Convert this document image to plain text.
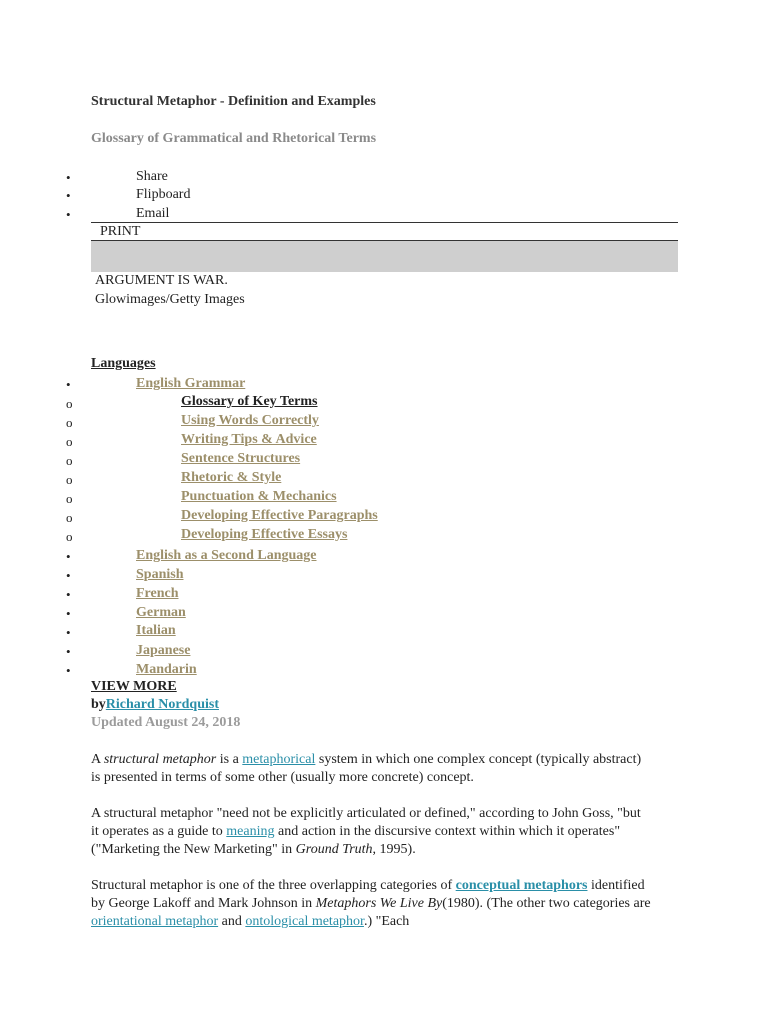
Structural Metaphor - Definition and Examples
Glossary of Grammatical and Rhetorical Terms
•	Share
•	Flipboard
•	Email
PRINT
ARGUMENT IS WAR.
Glowimages/Getty Images
Languages
•	English Grammar
o	Glossary of Key Terms
o	Using Words Correctly
o	Writing Tips & Advice
o	Sentence Structures
o	Rhetoric & Style
o	Punctuation & Mechanics
o	Developing Effective Paragraphs
o	Developing Effective Essays
•	English as a Second Language
•	Spanish
•	French
•	German
•	Italian
•	Japanese
•	Mandarin
VIEW MORE
byRichard Nordquist
Updated August 24, 2018

A structural metaphor is a metaphorical system in which one complex concept (typically abstract) is presented in terms of some other (usually more concrete) concept.

A structural metaphor "need not be explicitly articulated or defined," according to John Goss, "but it operates as a guide to meaning and action in the discursive context within which it operates"("Marketing the New Marketing" in Ground Truth, 1995).

Structural metaphor is one of the three overlapping categories of conceptual metaphors identified by George Lakoff and Mark Johnson in Metaphors We Live By(1980). (The other two categories are orientational metaphor and ontological metaphor.) "Each
